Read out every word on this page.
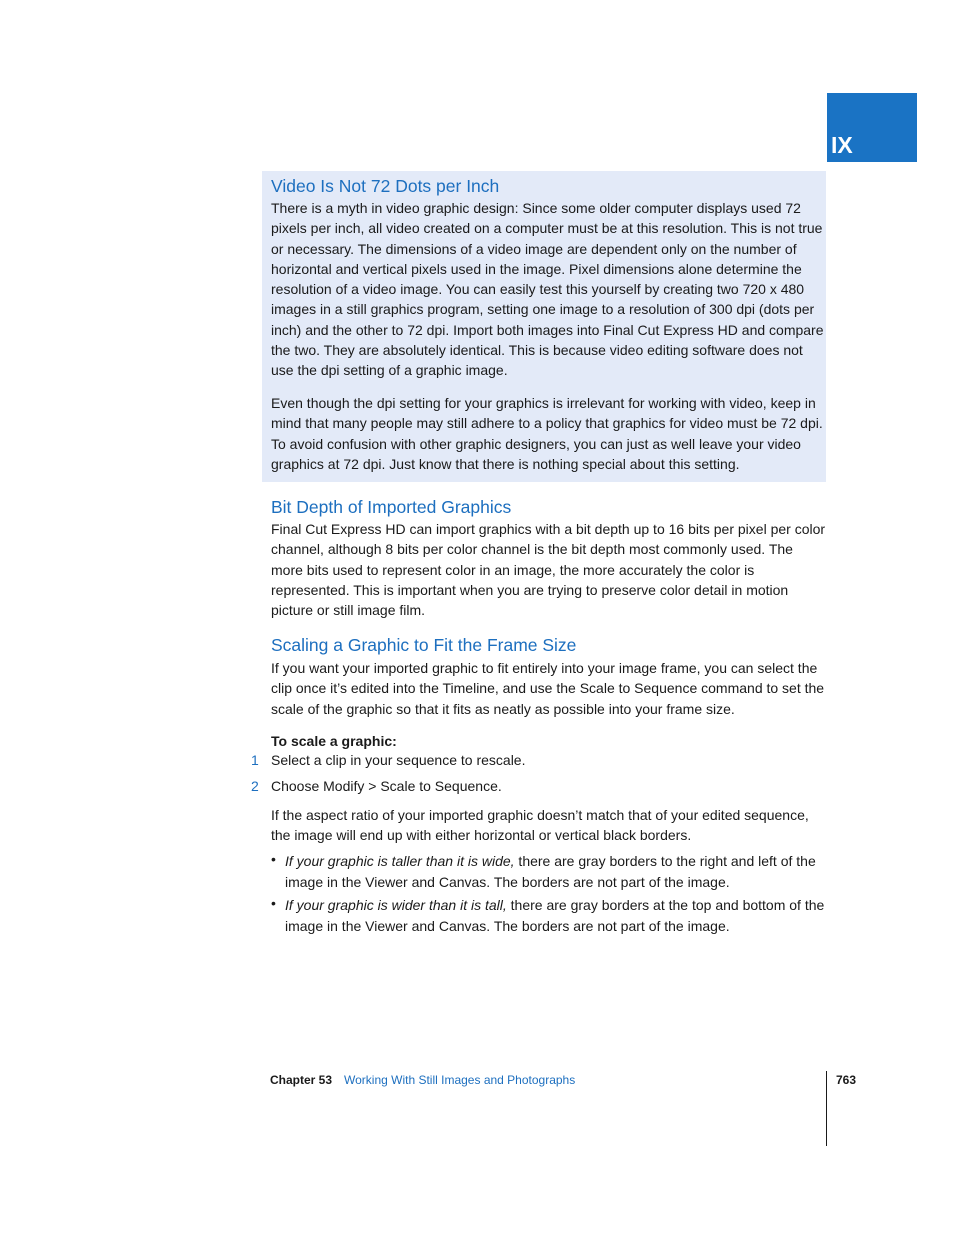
IX
Video Is Not 72 Dots per Inch

There is a myth in video graphic design: Since some older computer displays used 72 pixels per inch, all video created on a computer must be at this resolution. This is not true or necessary. The dimensions of a video image are dependent only on the number of horizontal and vertical pixels used in the image. Pixel dimensions alone determine the resolution of a video image. You can easily test this yourself by creating two 720 x 480 images in a still graphics program, setting one image to a resolution of 300 dpi (dots per inch) and the other to 72 dpi. Import both images into Final Cut Express HD and compare the two. They are absolutely identical. This is because video editing software does not use the dpi setting of a graphic image.

Even though the dpi setting for your graphics is irrelevant for working with video, keep in mind that many people may still adhere to a policy that graphics for video must be 72 dpi. To avoid confusion with other graphic designers, you can just as well leave your video graphics at 72 dpi. Just know that there is nothing special about this setting.

Bit Depth of Imported Graphics

Final Cut Express HD can import graphics with a bit depth up to 16 bits per pixel per color channel, although 8 bits per color channel is the bit depth most commonly used. The more bits used to represent color in an image, the more accurately the color is represented. This is important when you are trying to preserve color detail in motion picture or still image film.

Scaling a Graphic to Fit the Frame Size

If you want your imported graphic to fit entirely into your image frame, you can select the clip once it’s edited into the Timeline, and use the Scale to Sequence command to set the scale of the graphic so that it fits as neatly as possible into your frame size.

To scale a graphic:

1 Select a clip in your sequence to rescale.
2 Choose Modify > Scale to Sequence.

If the aspect ratio of your imported graphic doesn’t match that of your edited sequence, the image will end up with either horizontal or vertical black borders.

• If your graphic is taller than it is wide, there are gray borders to the right and left of the image in the Viewer and Canvas. The borders are not part of the image.

• If your graphic is wider than it is tall, there are gray borders at the top and bottom of the image in the Viewer and Canvas. The borders are not part of the image.

Chapter 53 Working With Still Images and Photographs	763
